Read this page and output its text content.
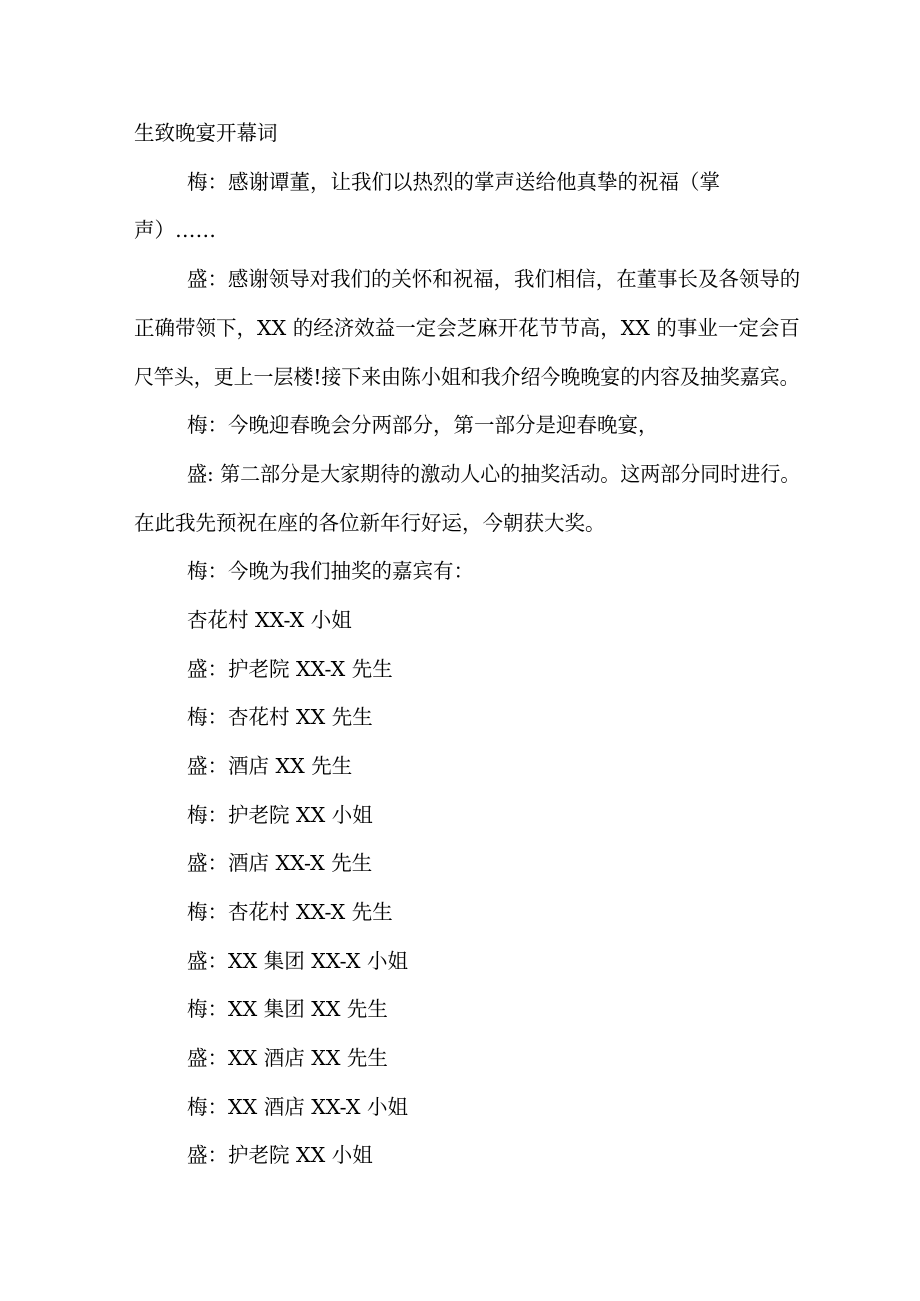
生致晚宴开幕词
梅：感谢谭董，让我们以热烈的掌声送给他真挚的祝福（掌
声）……
盛：感谢领导对我们的关怀和祝福，我们相信，在董事长及各领导的
正确带领下，XX 的经济效益一定会芝麻开花节节高，XX 的事业一定会百
尺竿头，更上一层楼!接下来由陈小姐和我介绍今晚晚宴的内容及抽奖嘉宾。
梅：今晚迎春晚会分两部分，第一部分是迎春晚宴，
盛: 第二部分是大家期待的激动人心的抽奖活动。这两部分同时进行。
在此我先预祝在座的各位新年行好运，今朝获大奖。
梅：今晚为我们抽奖的嘉宾有：
杏花村 XX-X 小姐
盛：护老院 XX-X 先生
梅：杏花村 XX 先生
盛：酒店 XX 先生
梅：护老院 XX 小姐
盛：酒店 XX-X 先生
梅：杏花村 XX-X 先生
盛：XX 集团 XX-X 小姐
梅：XX 集团 XX 先生
盛：XX 酒店 XX 先生
梅：XX 酒店 XX-X 小姐
盛：护老院 XX 小姐
